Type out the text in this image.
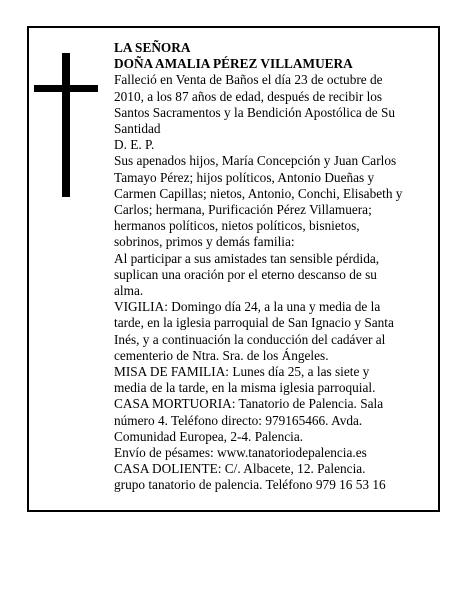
LA SEÑORA

DOÑA AMALIA PÉREZ VILLAMUERA

Falleció en Venta de Baños el día 23 de octubre de 2010, a los 87 años de edad, después de recibir los Santos Sacramentos y la Bendición Apostólica de Su Santidad

D. E. P.

Sus apenados hijos, María Concepción y Juan Carlos Tamayo Pérez; hijos políticos, Antonio Dueñas y Carmen Capillas; nietos, Antonio, Conchi, Elisabeth y Carlos; hermana, Purificación Pérez Villamuera; hermanos políticos, nietos políticos, bisnietos, sobrinos, primos y demás familia:

Al participar a sus amistades tan sensible pérdida, suplican una oración por el eterno descanso de su alma.

VIGILIA: Domingo día 24, a la una y media de la tarde, en la iglesia parroquial de San Ignacio y Santa Inés, y a continuación la conducción del cadáver al cementerio de Ntra. Sra. de los Ángeles.

MISA DE FAMILIA: Lunes día 25, a las siete y media de la tarde, en la misma iglesia parroquial.

CASA MORTUORIA: Tanatorio de Palencia. Sala número 4. Teléfono directo: 979165466. Avda. Comunidad Europea, 2-4. Palencia.

Envío de pésames: www.tanatoriodepalencia.es

CASA DOLIENTE: C/. Albacete, 12. Palencia.

grupo tanatorio de palencia. Teléfono 979 16 53 16
